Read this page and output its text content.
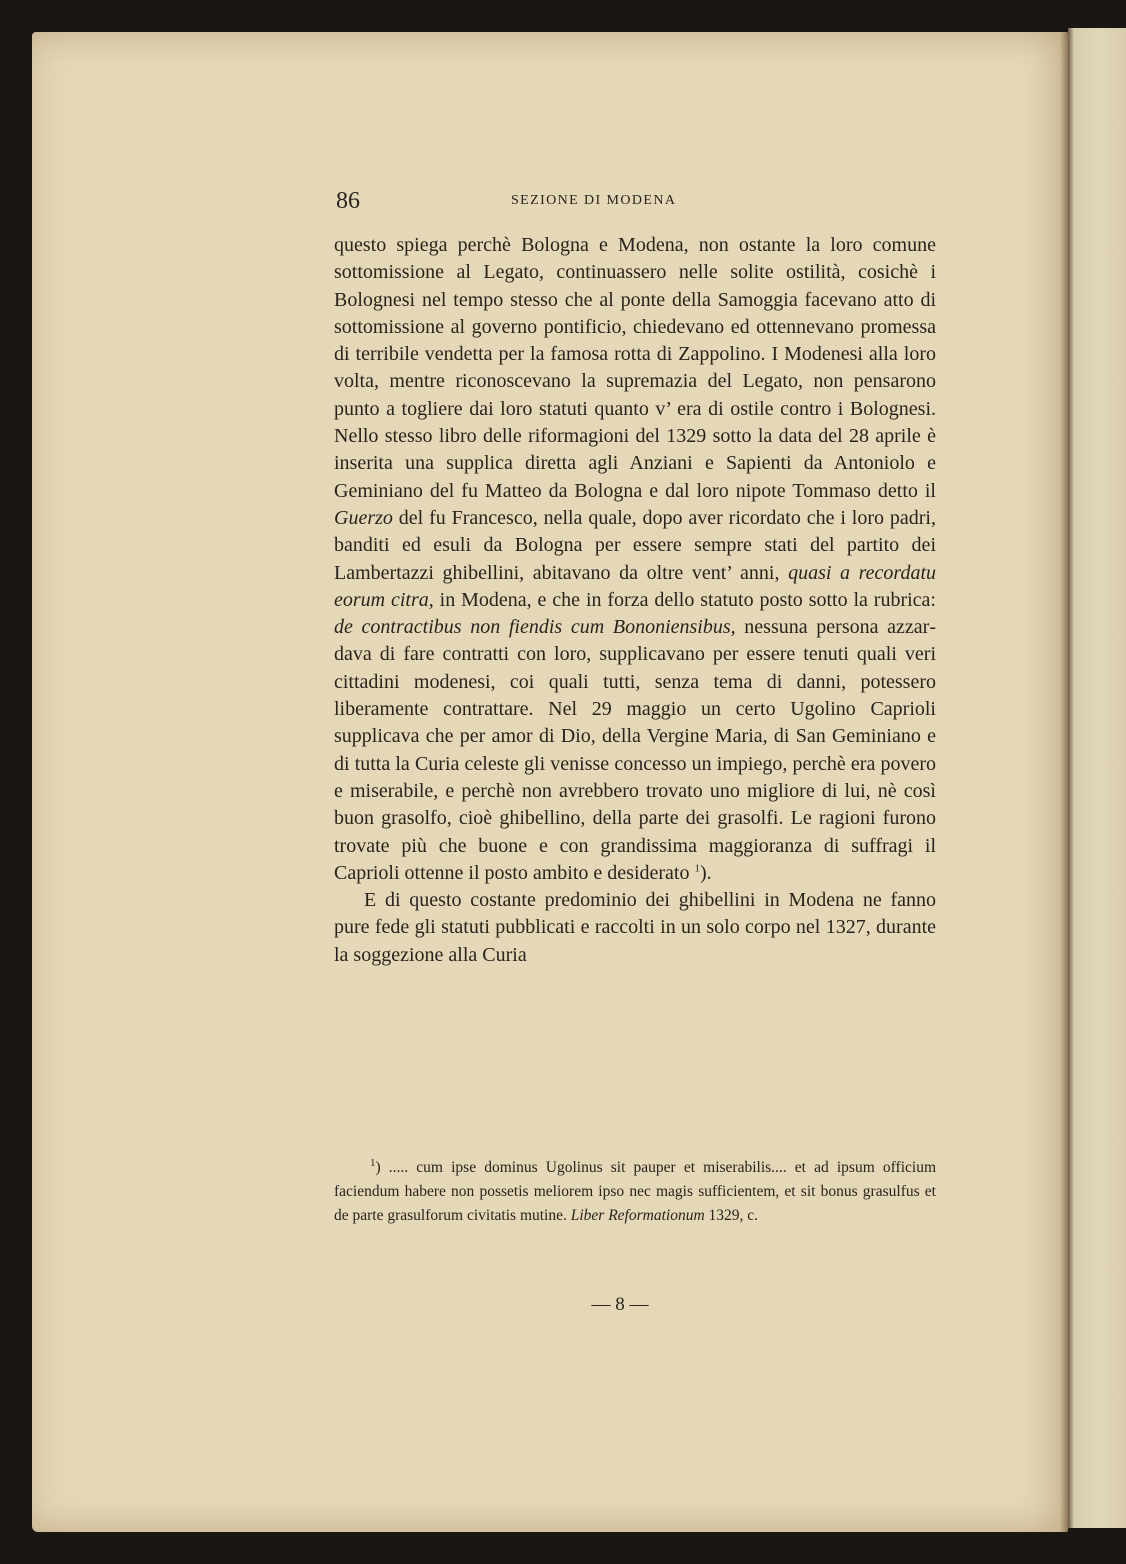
86	SEZIONE DI MODENA

questo spiega perchè Bologna e Modena, non ostante la loro comune sottomissione al Legato, continuassero nelle solite ostilità, cosichè i Bolognesi nel tempo stesso che al ponte della Samoggia facevano atto di sottomissione al governo pontificio, chiedevano ed ottennevano promessa di terribile vendetta per la famosa rotta di Zappolino. I Modenesi alla loro volta, mentre riconoscevano la supremazia del Legato, non pensarono punto a togliere dai loro statuti quanto v’ era di ostile contro i Bolognesi. Nello stesso libro delle riformagioni del 1329 sotto la data del 28 aprile è inserita una supplica diretta agli Anziani e Sapienti da Antoniolo e Geminiano del fu Matteo da Bologna e dal loro nipote Tommaso detto il Guerzo del fu Francesco, nella quale, dopo aver ricordato che i loro padri, banditi ed esuli da Bologna per essere sempre stati del partito dei Lambertazzi ghibellini, abitavano da oltre vent’ anni, quasi a recordatu eorum citra, in Modena, e che in forza dello statuto posto sotto la rubrica: de contractibus non fiendis cum Bononiensibus, nessuna persona azzardava di fare contratti con loro, supplicavano per essere tenuti quali veri cittadini modenesi, coi quali tutti, senza tema di danni, potessero liberamente contrattare. Nel 29 maggio un certo Ugolino Caprioli supplicava che per amor di Dio, della Vergine Maria, di San Geminiano e di tutta la Curia celeste gli venisse concesso un impiego, perchè era povero e miserabile, e perchè non avrebbero trovato uno migliore di lui, nè così buon grasolfo, cioè ghibellino, della parte dei grasolfi. Le ragioni furono trovate più che buone e con grandissima maggioranza di suffragi il Caprioli ottenne il posto ambito e desiderato $^1$).

E di questo costante predominio dei ghibellini in Modena ne fanno pure fede gli statuti pubblicati e raccolti in un solo corpo nel 1327, durante la soggezione alla Curia

$^1$) ..... cum ipse dominus Ugolinus sit pauper et miserabilis.... et ad ipsum officium faciendum habere non possetis meliorem ipso nec magis sufficientem, et sit bonus grasulfus et de parte grasulforum civitatis mutine. Liber Reformationum 1329, c.
— 8 —
